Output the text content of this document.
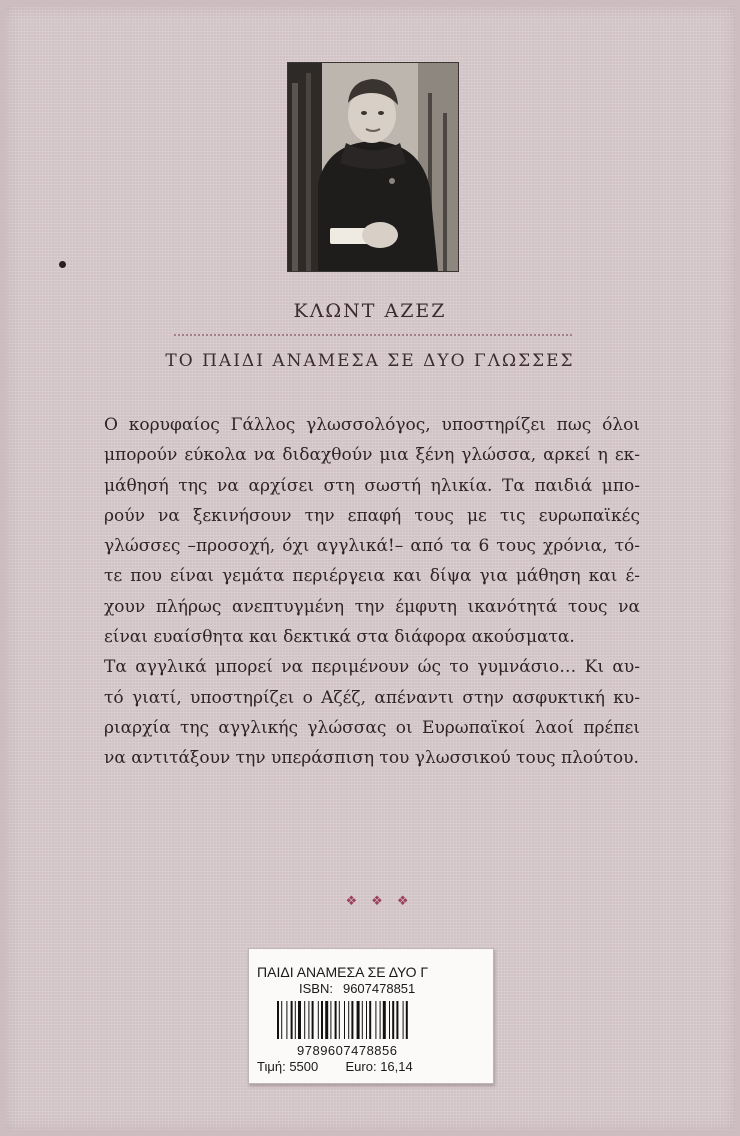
ΚΛΩΝΤ ΑΖΕΖ
ΤΟ ΠΑΙΔΙ ΑΝΑΜΕΣΑ ΣΕ ΔΥΟ ΓΛΩΣΣΕΣ
Ο κορυφαίος Γάλλος γλωσσολόγος, υποστηρίζει πως όλοι
μπορούν εύκολα να διδαχθούν μια ξένη γλώσσα, αρκεί η εκ-
μάθησή της να αρχίσει στη σωστή ηλικία. Τα παιδιά μπο-
ρούν να ξεκινήσουν την επαφή τους με τις ευρωπαϊκές
γλώσσες –προσοχή, όχι αγγλικά!– από τα 6 τους χρόνια, τό-
τε που είναι γεμάτα περιέργεια και δίψα για μάθηση και έ-
χουν πλήρως ανεπτυγμένη την έμφυτη ικανότητά τους να
είναι ευαίσθητα και δεκτικά στα διάφορα ακούσματα.
Τα αγγλικά μπορεί να περιμένουν ώς το γυμνάσιο… Κι αυ-
τό γιατί, υποστηρίζει ο Αζέζ, απέναντι στην ασφυκτική κυ-
ριαρχία της αγγλικής γλώσσας οι Ευρωπαϊκοί λαοί πρέπει
να αντιτάξουν την υπεράσπιση του γλωσσικού τους πλούτου.
❖❖❖
ΠΑΙΔΙ ΑΝΑΜΕΣΑ ΣΕ ΔΥΟ Γ
ISBN: 9607478851
9789607478856
Τιμή: 5500 Euro: 16,14
